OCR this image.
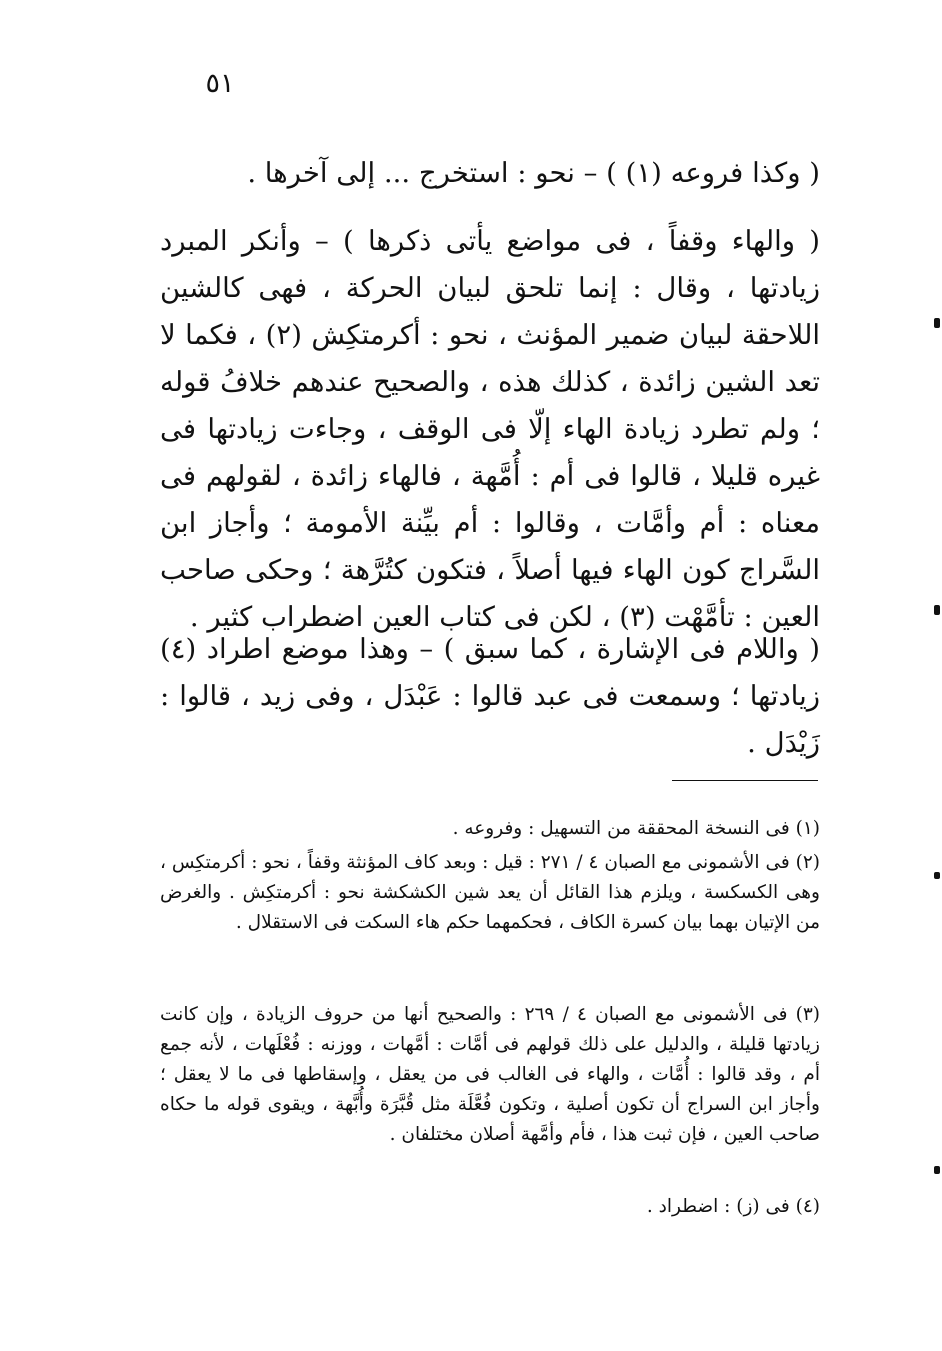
٥١

( وكذا فروعه (١) ) – نحو : استخرج ... إلى آخرها .

( والهاء وقفاً ، فى مواضع يأتى ذكرها ) – وأنكر المبرد زيادتها ، وقال : إنما تلحق لبيان الحركة ، فهى كالشين اللاحقة لبيان ضمير المؤنث ، نحو : أكرمتكِش (٢) ، فكما لا تعد الشين زائدة ، كذلك هذه ، والصحيح عندهم خلافُ قوله ؛ ولم تطرد زيادة الهاء إلّا فى الوقف ، وجاءت زيادتها فى غيره قليلا ، قالوا فى أم : أُمَّهة ، فالهاء زائدة ، لقولهم فى معناه : أم وأمَّات ، وقالوا : أم بيِّنة الأمومة ؛ وأجاز ابن السَّراج كون الهاء فيها أصلاً ، فتكون كتُرَّهة ؛ وحكى صاحب العين : تأمَّهْت (٣) ، لكن فى كتاب العين اضطراب كثير .

( واللام فى الإشارة ، كما سبق ) – وهذا موضع اطراد (٤) زيادتها ؛ وسمعت فى عبد قالوا : عَبْدَل ، وفى زيد ، قالوا : زَيْدَل .

(١) فى النسخة المحققة من التسهيل : وفروعه .

(٢) فى الأشمونى مع الصبان ٤ / ٢٧١ : قيل : وبعد كاف المؤنثة وقفاً ، نحو : أكرمتكِس ، وهى الكسكسة ، ويلزم هذا القائل أن يعد شين الكشكشة نحو : أكرمتكِش . والغرض من الإتيان بهما بيان كسرة الكاف ، فحكمهما حكم هاء السكت فى الاستقلال .

(٣) فى الأشمونى مع الصبان ٤ / ٢٦٩ : والصحيح أنها من حروف الزيادة ، وإن كانت زيادتها قليلة ، والدليل على ذلك قولهم فى أمَّات : أمَّهات ، ووزنه : فُعْلَهات ، لأنه جمع أم ، وقد قالوا : أُمَّات ، والهاء فى الغالب فى من يعقل ، وإسقاطها فى ما لا يعقل ؛ وأجاز ابن السراج أن تكون أصلية ، وتكون فُعَّلَة مثل قُبَّرَة وأُبَّهة ، ويقوى قوله ما حكاه صاحب العين ، فإن ثبت هذا ، فأم وأمَّهة أصلان مختلفان .

(٤) فى (ز) : اضطراد .
